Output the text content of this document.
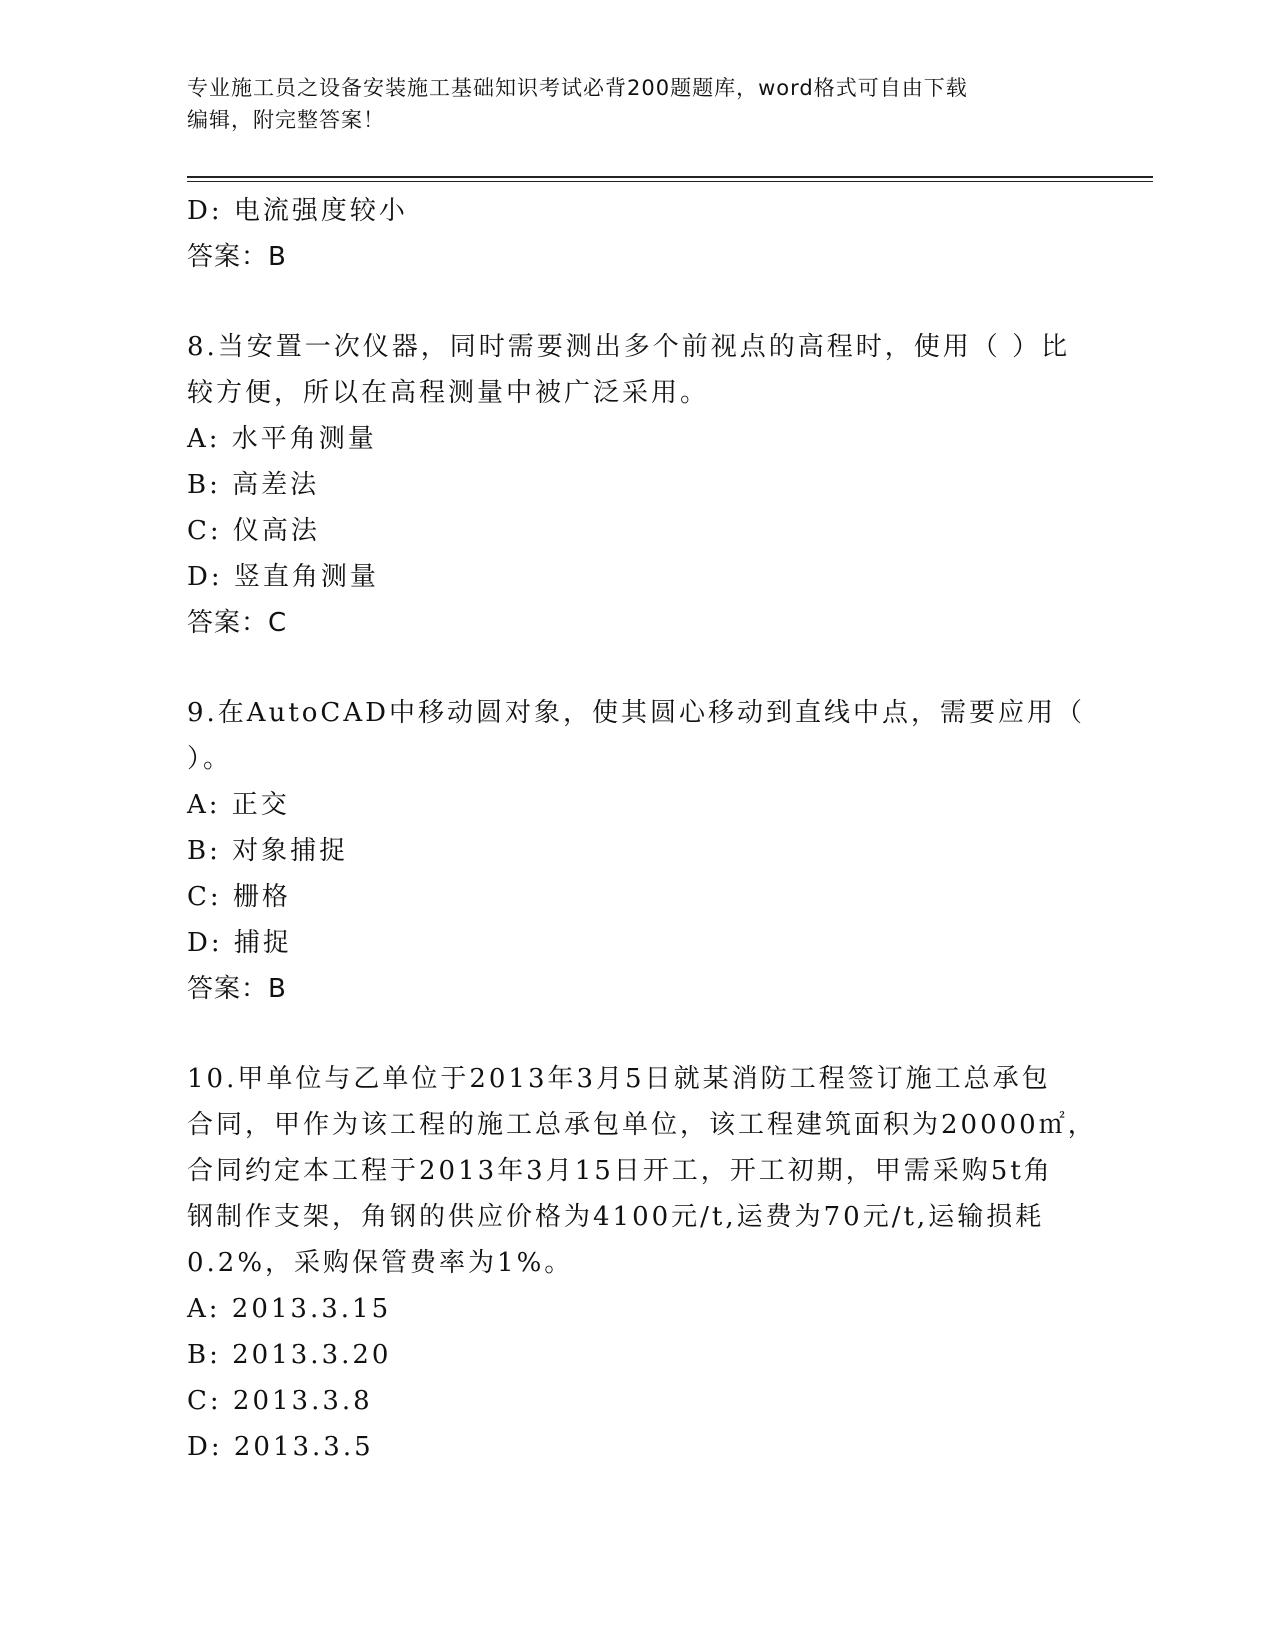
专业施工员之设备安装施工基础知识考试必背200题题库，word格式可自由下载
编辑，附完整答案！
D: 电流强度较小
答案：B
8.当安置一次仪器，同时需要测出多个前视点的高程时，使用（ ）比
较方便，所以在高程测量中被广泛采用。
A: 水平角测量
B: 高差法
C: 仪高法
D: 竖直角测量
答案：C
9.在AutoCAD中移动圆对象，使其圆心移动到直线中点，需要应用（
）。
A: 正交
B: 对象捕捉
C: 栅格
D: 捕捉
答案：B
10.甲单位与乙单位于2013年3月5日就某消防工程签订施工总承包
合同，甲作为该工程的施工总承包单位，该工程建筑面积为20000㎡，
合同约定本工程于2013年3月15日开工，开工初期，甲需采购5t角
钢制作支架，角钢的供应价格为4100元/t,运费为70元/t,运输损耗
0.2%，采购保管费率为1%。
A: 2013.3.15
B: 2013.3.20
C: 2013.3.8
D: 2013.3.5
